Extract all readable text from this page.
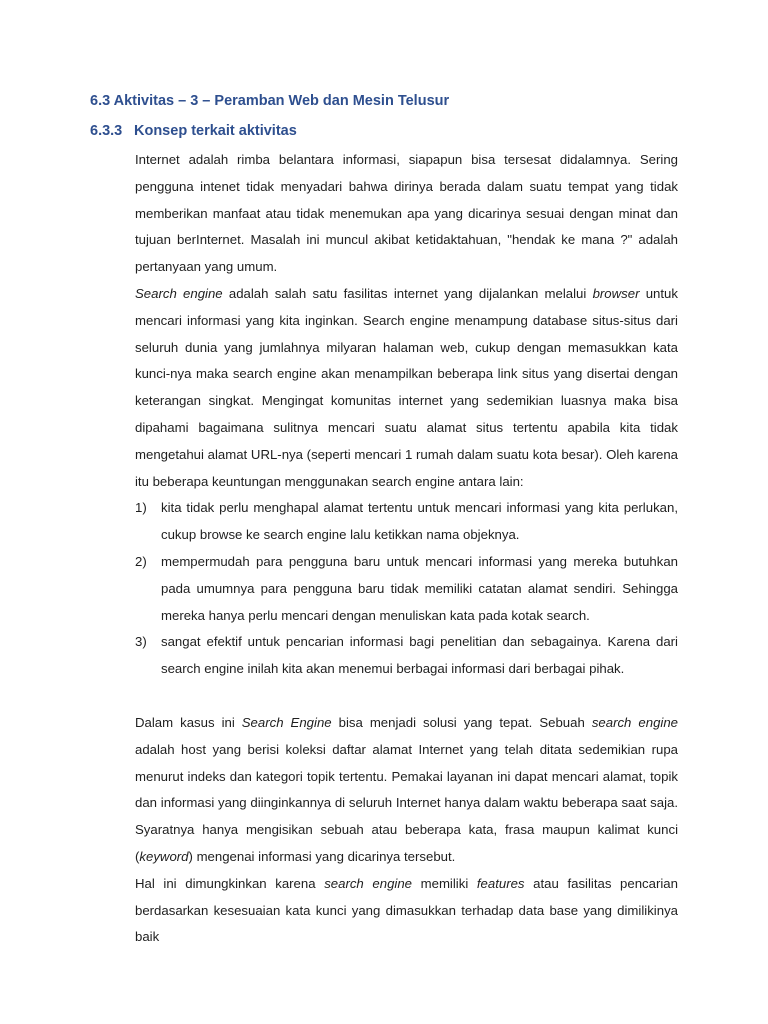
6.3 Aktivitas – 3 – Peramban Web dan Mesin Telusur
6.3.3 Konsep terkait aktivitas

Internet adalah rimba belantara informasi, siapapun bisa tersesat didalamnya. Sering pengguna intenet tidak menyadari bahwa dirinya berada dalam suatu tempat yang tidak memberikan manfaat atau tidak menemukan apa yang dicarinya sesuai dengan minat dan tujuan berInternet. Masalah ini muncul akibat ketidaktahuan, "hendak ke mana ?" adalah pertanyaan yang umum.

Search engine adalah salah satu fasilitas internet yang dijalankan melalui browser untuk mencari informasi yang kita inginkan. Search engine menampung database situs-situs dari seluruh dunia yang jumlahnya milyaran halaman web, cukup dengan memasukkan kata kunci-nya maka search engine akan menampilkan beberapa link situs yang disertai dengan keterangan singkat. Mengingat komunitas internet yang sedemikian luasnya maka bisa dipahami bagaimana sulitnya mencari suatu alamat situs tertentu apabila kita tidak mengetahui alamat URL-nya (seperti mencari 1 rumah dalam suatu kota besar). Oleh karena itu beberapa keuntungan menggunakan search engine antara lain:

1) kita tidak perlu menghapal alamat tertentu untuk mencari informasi yang kita perlukan, cukup browse ke search engine lalu ketikkan nama objeknya.
2) mempermudah para pengguna baru untuk mencari informasi yang mereka butuhkan pada umumnya para pengguna baru tidak memiliki catatan alamat sendiri. Sehingga mereka hanya perlu mencari dengan menuliskan kata pada kotak search.
3) sangat efektif untuk pencarian informasi bagi penelitian dan sebagainya. Karena dari search engine inilah kita akan menemui berbagai informasi dari berbagai pihak.

Dalam kasus ini Search Engine bisa menjadi solusi yang tepat. Sebuah search engine adalah host yang berisi koleksi daftar alamat Internet yang telah ditata sedemikian rupa menurut indeks dan kategori topik tertentu. Pemakai layanan ini dapat mencari alamat, topik dan informasi yang diinginkannya di seluruh Internet hanya dalam waktu beberapa saat saja. Syaratnya hanya mengisikan sebuah atau beberapa kata, frasa maupun kalimat kunci (keyword) mengenai informasi yang dicarinya tersebut.

Hal ini dimungkinkan karena search engine memiliki features atau fasilitas pencarian berdasarkan kesesuaian kata kunci yang dimasukkan terhadap data base yang dimilikinya baik
